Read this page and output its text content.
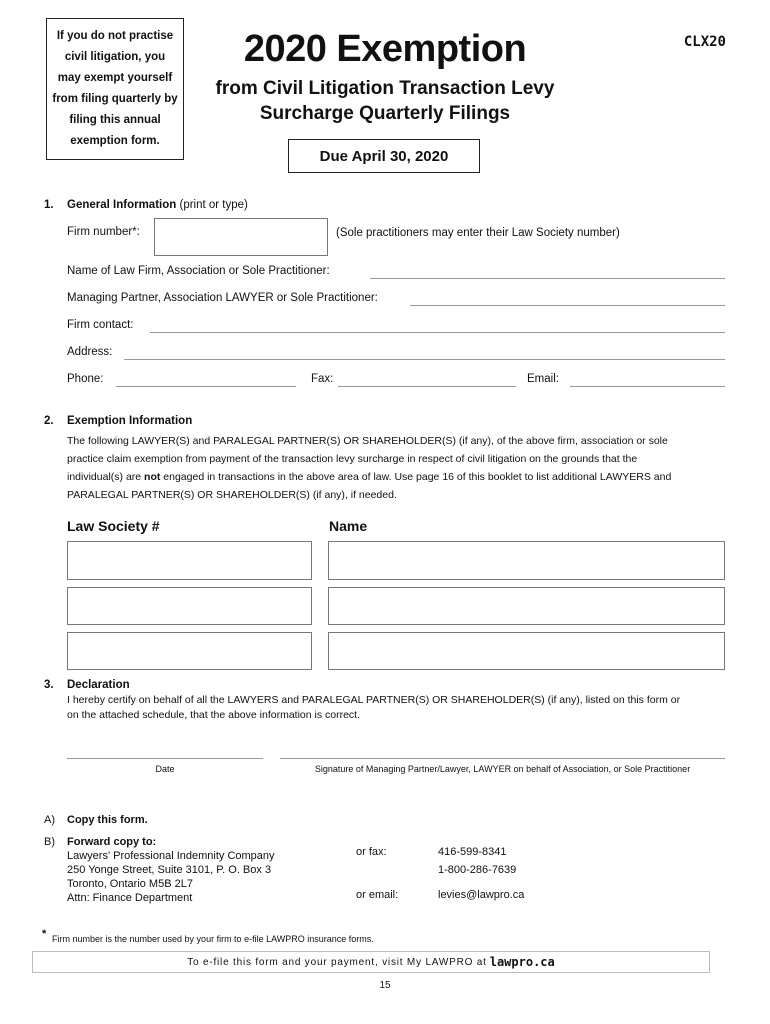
If you do not practise civil litigation, you may exempt yourself from filing quarterly by filing this annual exemption form.
2020 Exemption
from Civil Litigation Transaction Levy
Surcharge Quarterly Filings
CLX20
Due April 30, 2020
1. General Information (print or type)
Firm number*:	(Sole practitioners may enter their Law Society number)
Name of Law Firm, Association or Sole Practitioner:
Managing Partner, Association LAWYER or Sole Practitioner:
Firm contact:
Address:
Phone:	Fax:	Email:
2. Exemption Information
The following LAWYER(S) and PARALEGAL PARTNER(S) OR SHAREHOLDER(S) (if any), of the above firm, association or sole
practice claim exemption from payment of the transaction levy surcharge in respect of civil litigation on the grounds that the
individual(s) are not engaged in transactions in the above area of law. Use page 16 of this booklet to list additional LAWYERS and
PARALEGAL PARTNER(S) OR SHAREHOLDER(S) (if any), if needed.
Law Society #	Name
3. Declaration
I hereby certify on behalf of all the LAWYERS and PARALEGAL PARTNER(S) OR SHAREHOLDER(S) (if any), listed on this form or
on the attached schedule, that the above information is correct.
Date	Signature of Managing Partner/Lawyer, LAWYER on behalf of Association, or Sole Practitioner
A) Copy this form.
B) Forward copy to:
Lawyers' Professional Indemnity Company
250 Yonge Street, Suite 3101, P. O. Box 3
Toronto, Ontario M5B 2L7
Attn: Finance Department
or fax:	416-599-8341
1-800-286-7639
or email:	levies@lawpro.ca
* Firm number is the number used by your firm to e-file LAWPRO insurance forms.
To e-file this form and your payment, visit My LAWPRO at lawpro.ca
15
